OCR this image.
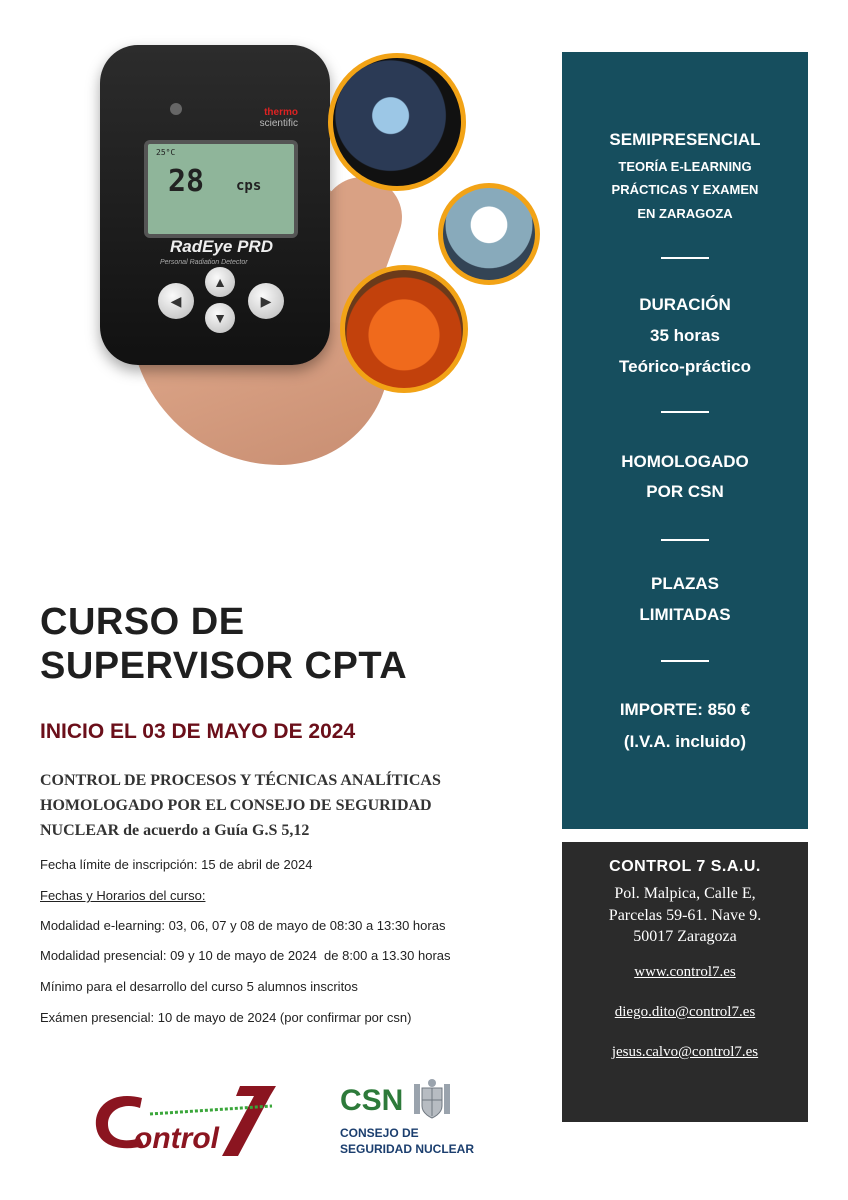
thermo
scientific
25°C
28 cps
RadEye PRD
Personal Radiation Detector
◀
▲
▼
▶
CURSO DE
SUPERVISOR CPTA
INICIO EL 03 DE MAYO DE 2024
CONTROL DE PROCESOS Y TÉCNICAS ANALÍTICAS
HOMOLOGADO POR EL CONSEJO DE SEGURIDAD
NUCLEAR de acuerdo a Guía G.S 5,12
Fecha límite de inscripción: 15 de abril de 2024
Fechas y Horarios del curso:
Modalidad e-learning: 03, 06, 07 y 08 de mayo de 08:30 a 13:30 horas
Modalidad presencial: 09 y 10 de mayo de 2024  de 8:00 a 13.30 horas
Mínimo para el desarrollo del curso 5 alumnos inscritos
Exámen presencial: 10 de mayo de 2024 (por confirmar por csn)
SEMIPRESENCIAL
TEORÍA E-LEARNING
PRÁCTICAS Y EXAMEN
EN ZARAGOZA
DURACIÓN
35 horas
Teórico-práctico
HOMOLOGADO
POR CSN
PLAZAS
LIMITADAS
IMPORTE: 850 €
(I.V.A. incluido)
CONTROL 7 S.A.U.
Pol. Malpica, Calle E,
Parcelas 59-61. Nave 9.
50017 Zaragoza
www.control7.es
diego.dito@control7.es
jesus.calvo@control7.es
ontrol
CSN
CONSEJO DE
SEGURIDAD NUCLEAR
